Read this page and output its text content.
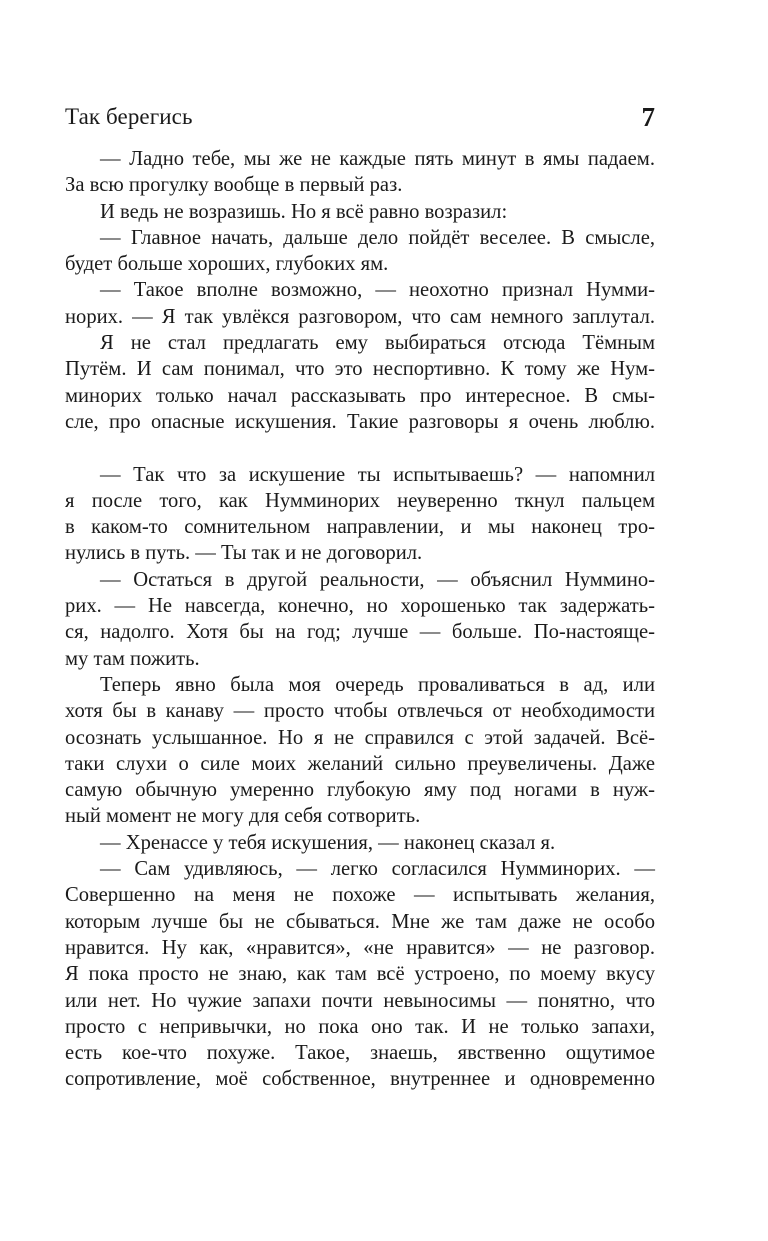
Так берегись	7
— Ладно тебе, мы же не каждые пять минут в ямы падаем.
За всю прогулку вообще в первый раз.
И ведь не возразишь. Но я всё равно возразил:
— Главное начать, дальше дело пойдёт веселее. В смысле,
будет больше хороших, глубоких ям.
— Такое вполне возможно, — неохотно признал Нумми-
норих. — Я так увлёкся разговором, что сам немного заплутал.
Я не стал предлагать ему выбираться отсюда Тёмным
Путём. И сам понимал, что это неспортивно. К тому же Нум-
минорих только начал рассказывать про интересное. В смы-
сле, про опасные искушения. Такие разговоры я очень люблю.
— Так что за искушение ты испытываешь? — напомнил
я после того, как Нумминорих неуверенно ткнул пальцем
в каком-то сомнительном направлении, и мы наконец тро-
нулись в путь. — Ты так и не договорил.
— Остаться в другой реальности, — объяснил Нуммино-
рих. — Не навсегда, конечно, но хорошенько так задержать-
ся, надолго. Хотя бы на год; лучше — больше. По-настояще-
му там пожить.
Теперь явно была моя очередь проваливаться в ад, или
хотя бы в канаву — просто чтобы отвлечься от необходимости
осознать услышанное. Но я не справился с этой задачей. Всё-
таки слухи о силе моих желаний сильно преувеличены. Даже
самую обычную умеренно глубокую яму под ногами в нуж-
ный момент не могу для себя сотворить.
— Хренассе у тебя искушения, — наконец сказал я.
— Сам удивляюсь, — легко согласился Нумминорих. —
Совершенно на меня не похоже — испытывать желания,
которым лучше бы не сбываться. Мне же там даже не особо
нравится. Ну как, «нравится», «не нравится» — не разговор.
Я пока просто не знаю, как там всё устроено, по моему вкусу
или нет. Но чужие запахи почти невыносимы — понятно, что
просто с непривычки, но пока оно так. И не только запахи,
есть кое-что похуже. Такое, знаешь, явственно ощутимое
сопротивление, моё собственное, внутреннее и одновременно
